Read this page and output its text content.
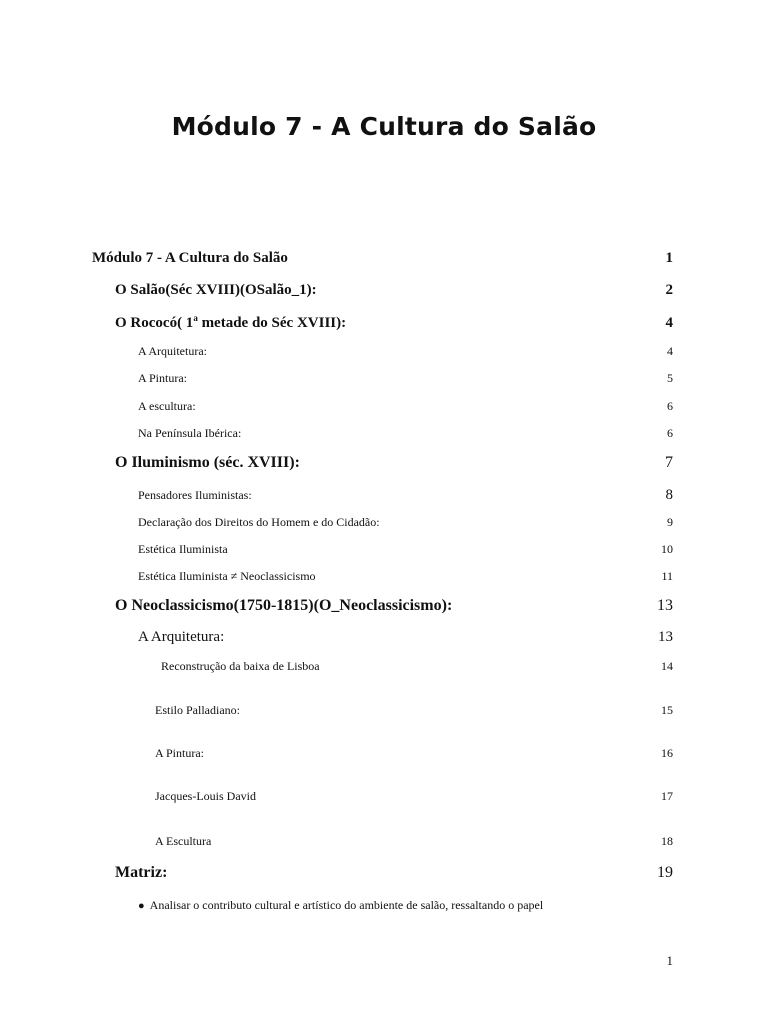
Módulo 7 - A Cultura do Salão
Módulo 7 - A Cultura do Salão	1
O Salão(Séc XVIII)(OSalão_1):	2
O Rococó( 1$^a$ metade do Séc XVIII):	4
A Arquitetura:	4
A Pintura:	5
A escultura:	6
Na Península Ibérica:	6
O Iluminismo (séc. XVIII):	7
Pensadores Iluministas:	8
Declaração dos Direitos do Homem e do Cidadão:	9
Estética Iluminista	10
Estética Iluminista ≠ Neoclassicismo	11
O Neoclassicismo(1750-1815)(O_Neoclassicismo):	13
A Arquitetura:	13
Reconstrução da baixa de Lisboa	14
Estilo Palladiano:	15
A Pintura:	16
Jacques-Louis David	17
A Escultura	18
Matriz:	19
● Analisar o contributo cultural e artístico do ambiente de salão, ressaltando o papel
1
